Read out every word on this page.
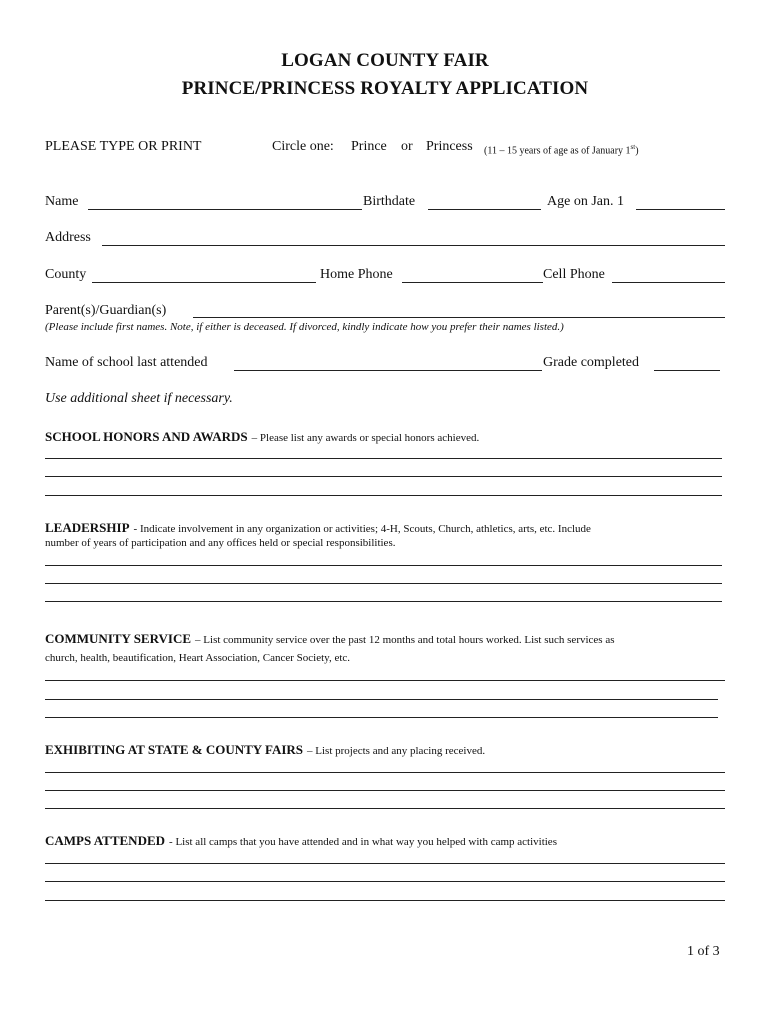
LOGAN COUNTY FAIR
PRINCE/PRINCESS ROYALTY APPLICATION
PLEASE TYPE OR PRINT	Circle one: Prince or Princess (11 – 15 years of age as of January 1st)
Name	Birthdate	Age on Jan. 1
Address
County	Home Phone	Cell Phone
Parent(s)/Guardian(s)
(Please include first names. Note, if either is deceased. If divorced, kindly indicate how you prefer their names listed.)
Name of school last attended	Grade completed
Use additional sheet if necessary.
SCHOOL HONORS AND AWARDS – Please list any awards or special honors achieved.
LEADERSHIP - Indicate involvement in any organization or activities; 4-H, Scouts, Church, athletics, arts, etc. Include
number of years of participation and any offices held or special responsibilities.
COMMUNITY SERVICE – List community service over the past 12 months and total hours worked. List such services as
church, health, beautification, Heart Association, Cancer Society, etc.
EXHIBITING AT STATE & COUNTY FAIRS – List projects and any placing received.
CAMPS ATTENDED - List all camps that you have attended and in what way you helped with camp activities
1 of 3
